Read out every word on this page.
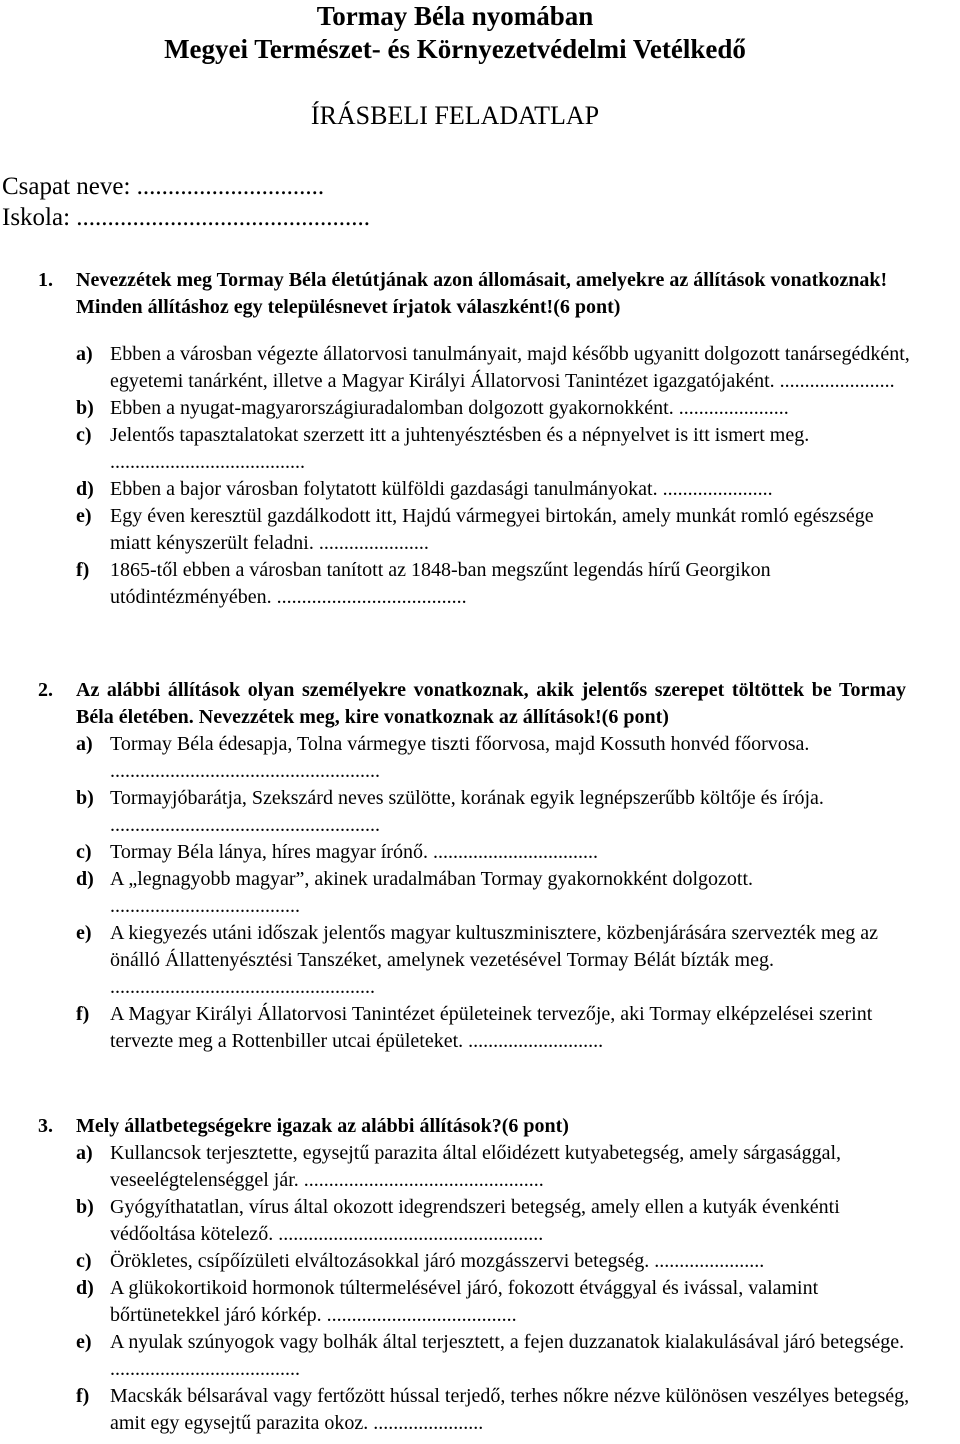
Tormay Béla nyomában
Megyei Természet- és Környezetvédelmi Vetélkedő
ÍRÁSBELI FELADATLAP
Csapat neve: ..............................
Iskola: ...............................................
1.	Nevezzétek meg Tormay Béla életútjának azon állomásait, amelyekre az állítások vonatkoznak! Minden állításhoz egy településnevet írjatok válaszként!(6 pont)
a) Ebben a városban végezte állatorvosi tanulmányait, majd később ugyanitt dolgozott tanársegédként, egyetemi tanárként, illetve a Magyar Királyi Állatorvosi Tanintézet igazgatójaként. .......................
b) Ebben a nyugat-magyarországiuradalomban dolgozott gyakornokként. ......................
c) Jelentős tapasztalatokat szerzett itt a juhtenyésztésben és a népnyelvet is itt ismert meg. .......................................
d) Ebben a bajor városban folytatott külföldi gazdasági tanulmányokat. ......................
e) Egy éven keresztül gazdálkodott itt, Hajdú vármegyei birtokán, amely munkát romló egészsége miatt kényszerült feladni. ......................
f)	1865-től ebben a városban tanított az 1848-ban megszűnt legendás hírű Georgikon utódintézményében. ......................................
2.	Az alábbi állítások olyan személyekre vonatkoznak, akik jelentős szerepet töltöttek be Tormay Béla életében. Nevezzétek meg, kire vonatkoznak az állítások!(6 pont)
a) Tormay Béla édesapja, Tolna vármegye tiszti főorvosa, majd Kossuth honvéd főorvosa. ......................................................
b) Tormayjóbarátja, Szekszárd neves szülötte, korának egyik legnépszerűbb költője és írója. ......................................................
c) Tormay Béla lánya, híres magyar írónő. .................................
d) A „legnagyobb magyar”, akinek uradalmában Tormay gyakornokként dolgozott. ......................................
e) A kiegyezés utáni időszak jelentős magyar kultuszminisztere, közbenjárására szervezték meg az önálló Állattenyésztési Tanszéket, amelynek vezetésével Tormay Bélát bízták meg. .....................................................
f)	A Magyar Királyi Állatorvosi Tanintézet épületeinek tervezője, aki Tormay elképzelései szerint tervezte meg a Rottenbiller utcai épületeket. ...........................
3.	Mely állatbetegségekre igazak az alábbi állítások?(6 pont)
a) Kullancsok terjesztette, egysejtű parazita által előidézett kutyabetegség, amely sárgasággal, veseelégtelenséggel jár. ................................................
b) Gyógyíthatatlan, vírus által okozott idegrendszeri betegség, amely ellen a kutyák évenkénti védőoltása kötelező. .....................................................
c) Örökletes, csípőízületi elváltozásokkal járó mozgásszervi betegség. ......................
d) A glükokortikoid hormonok túltermelésével járó, fokozott étvággyal és ivással, valamint bőrtünetekkel járó kórkép. ......................................
e) A nyulak szúnyogok vagy bolhák által terjesztett, a fejen duzzanatok kialakulásával járó betegsége. ......................................
f)	Macskák bélsarával vagy fertőzött hússal terjedő, terhes nőkre nézve különösen veszélyes betegség, amit egy egysejtű parazita okoz. ......................
